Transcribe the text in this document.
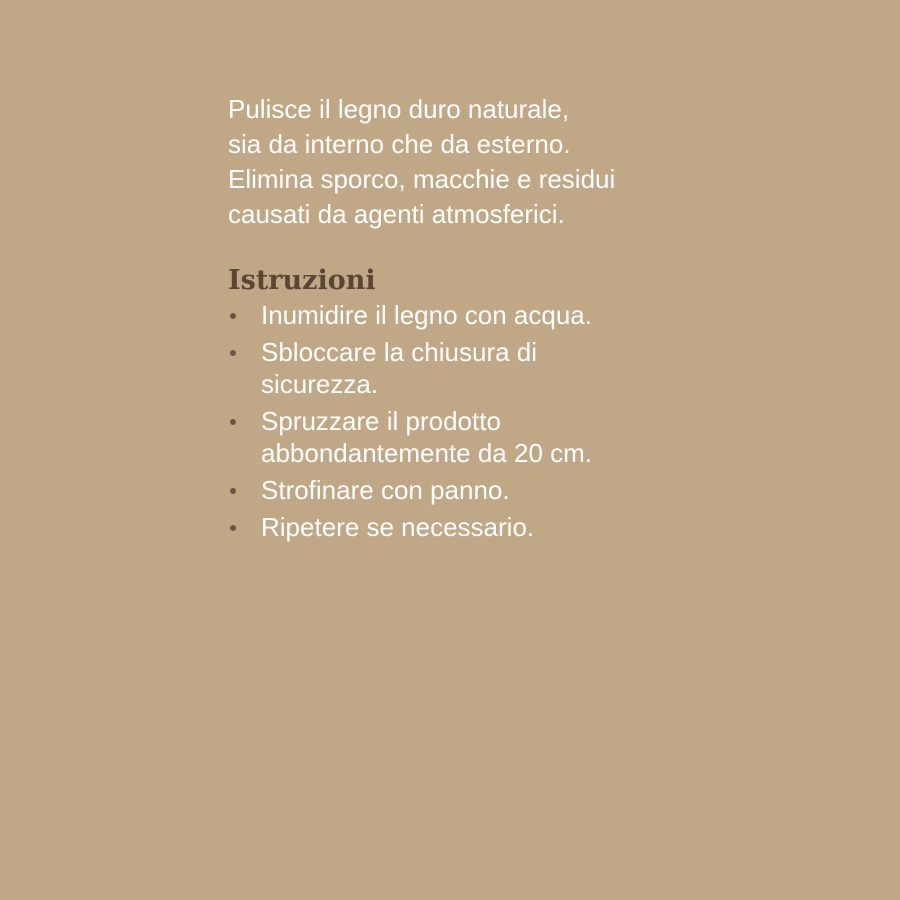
Pulisce il legno duro naturale,
sia da interno che da esterno.
Elimina sporco, macchie e residui
causati da agenti atmosferici.

Istruzioni
Inumidire il legno con acqua.
Sbloccare la chiusura di
sicurezza.
Spruzzare il prodotto
abbondantemente da 20 cm.
Strofinare con panno.
Ripetere se necessario.
